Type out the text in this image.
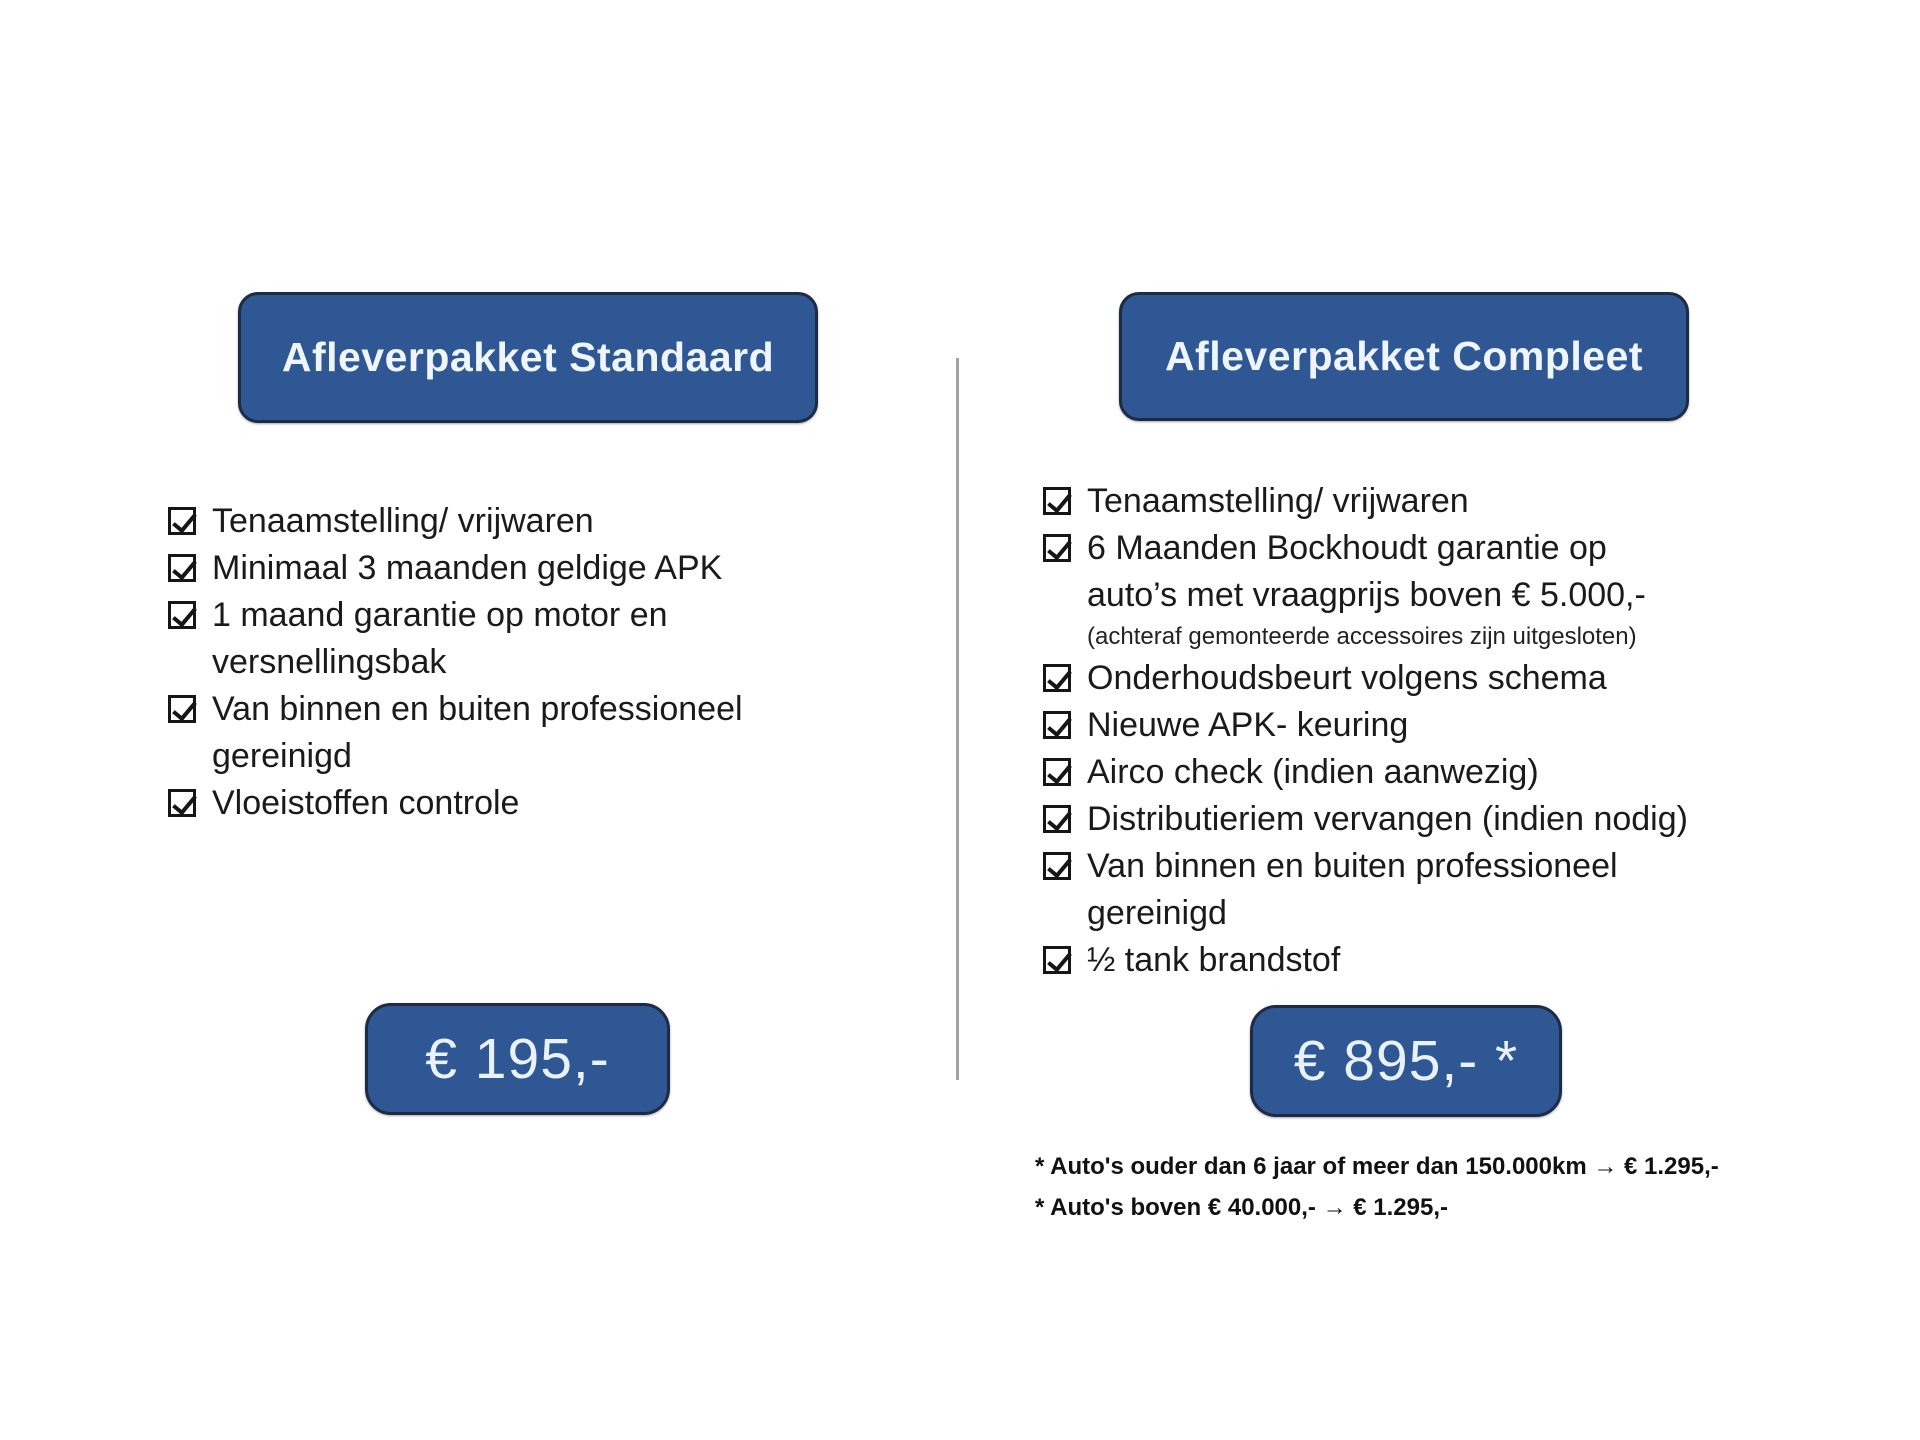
Afleverpakket Standaard
Tenaamstelling/ vrijwaren
Minimaal 3 maanden geldige APK
1 maand garantie op motor en
versnellingsbak
Van binnen en buiten professioneel
gereinigd
Vloeistoffen controle
€ 195,-
Afleverpakket Compleet
Tenaamstelling/ vrijwaren
6 Maanden Bockhoudt garantie op
auto’s met vraagprijs boven € 5.000,-
(achteraf gemonteerde accessoires zijn uitgesloten)
Onderhoudsbeurt volgens schema
Nieuwe APK- keuring
Airco check (indien aanwezig)
Distributieriem vervangen (indien nodig)
Van binnen en buiten professioneel
gereinigd
½ tank brandstof
€ 895,- *
* Auto's ouder dan 6 jaar of meer dan 150.000km → € 1.295,-
* Auto's boven € 40.000,- → € 1.295,-
